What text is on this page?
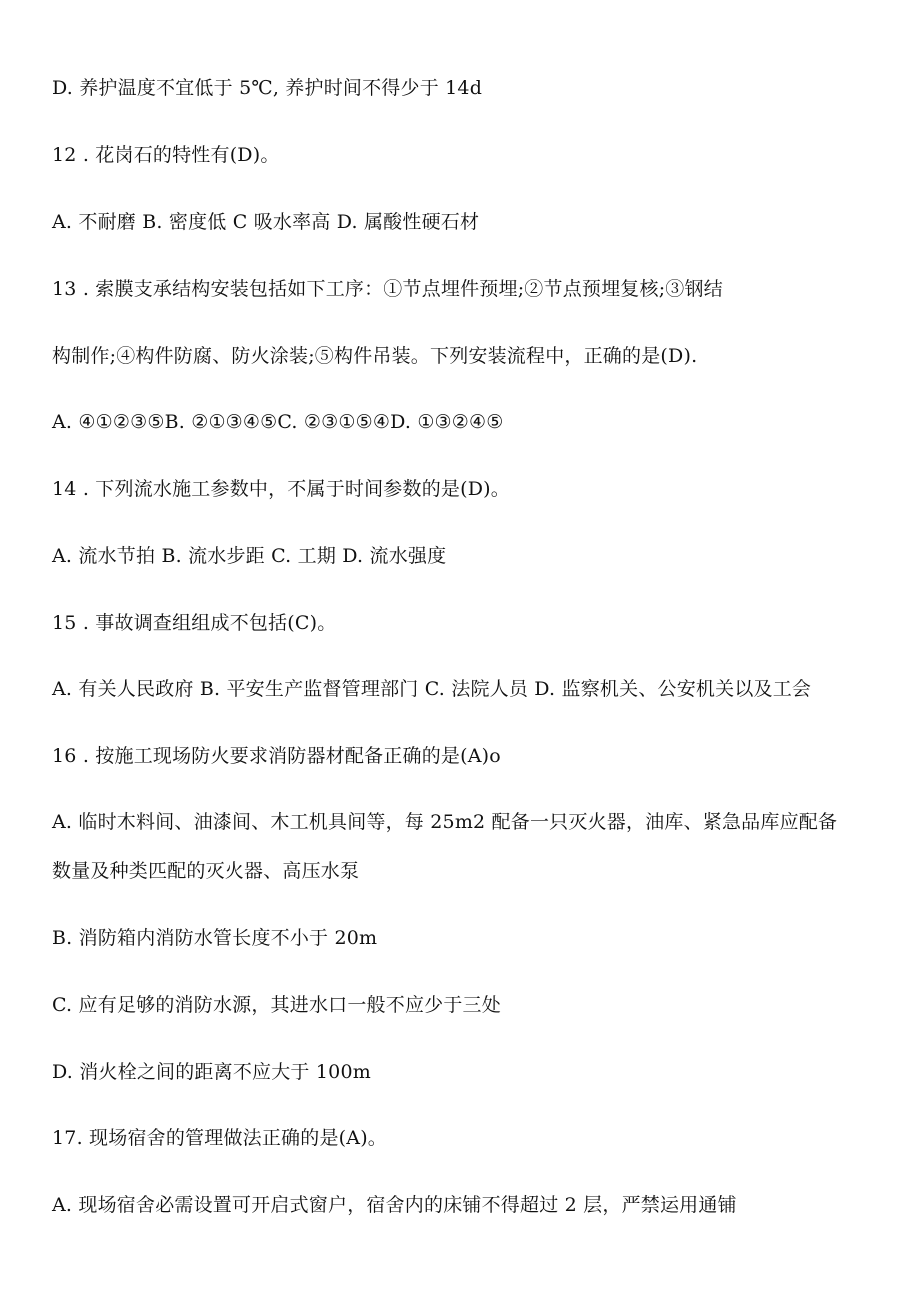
D. 养护温度不宜低于 5℃, 养护时间不得少于 14d
12 . 花岗石的特性有(D)。
A. 不耐磨 B. 密度低 C 吸水率高 D. 属酸性硬石材
13 . 索膜支承结构安装包括如下工序：①节点埋件预埋;②节点预埋复核;③钢结
构制作;④构件防腐、防火涂装;⑤构件吊装。下列安装流程中，正确的是(D).
A. ④①②③⑤B. ②①③④⑤C. ②③①⑤④D. ①③②④⑤
14 . 下列流水施工参数中，不属于时间参数的是(D)。
A. 流水节拍 B. 流水步距 C. 工期 D. 流水强度
15 . 事故调查组组成不包括(C)。
A. 有关人民政府 B. 平安生产监督管理部门 C. 法院人员 D. 监察机关、公安机关以及工会
16 . 按施工现场防火要求消防器材配备正确的是(A)o
A. 临时木料间、油漆间、木工机具间等，每 25m2 配备一只灭火器，油库、紧急品库应配备
数量及种类匹配的灭火器、高压水泵
B. 消防箱内消防水管长度不小于 20m
C. 应有足够的消防水源，其进水口一般不应少于三处
D. 消火栓之间的距离不应大于 100m
17. 现场宿舍的管理做法正确的是(A)。
A. 现场宿舍必需设置可开启式窗户，宿舍内的床铺不得超过 2 层，严禁运用通铺
